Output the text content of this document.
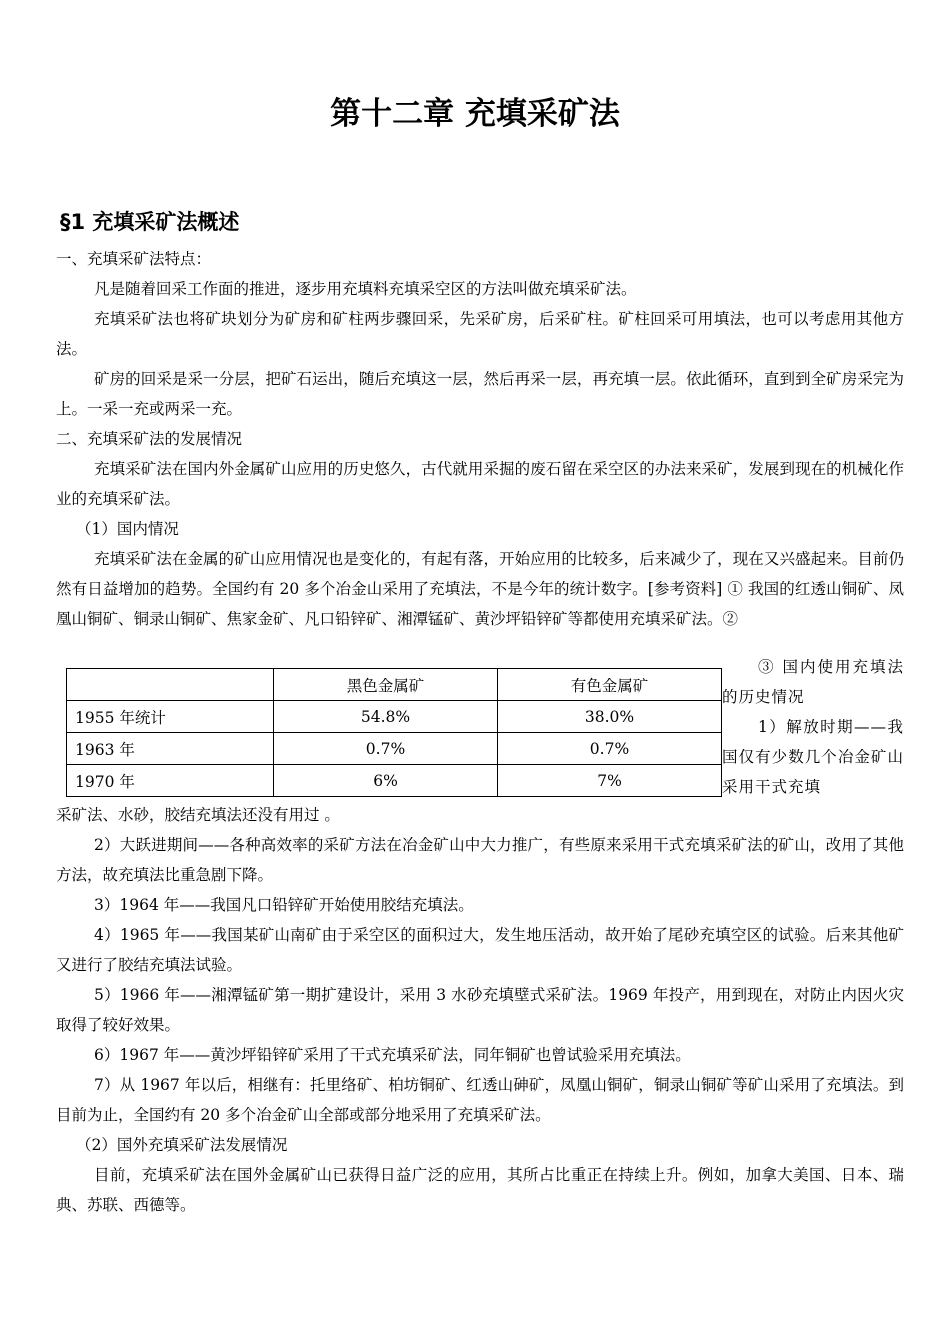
第十二章 充填采矿法
§1 充填采矿法概述

一、充填采矿法特点：

凡是随着回采工作面的推进，逐步用充填料充填采空区的方法叫做充填采矿法。

充填采矿法也将矿块划分为矿房和矿柱两步骤回采，先采矿房，后采矿柱。矿柱回采可用填法，也可以考虑用其他方法。

矿房的回采是采一分层，把矿石运出，随后充填这一层，然后再采一层，再充填一层。依此循环，直到到全矿房采完为上。一采一充或两采一充。

二、充填采矿法的发展情况

充填采矿法在国内外金属矿山应用的历史悠久，古代就用采掘的废石留在采空区的办法来采矿，发展到现在的机械化作业的充填采矿法。

（1）国内情况

充填采矿法在金属的矿山应用情况也是变化的，有起有落，开始应用的比较多，后来减少了，现在又兴盛起来。目前仍然有日益增加的趋势。全国约有 20 多个冶金山采用了充填法，不是今年的统计数字。[参考资料] ① 我国的红透山铜矿、凤凰山铜矿、铜录山铜矿、焦家金矿、凡口铅锌矿、湘潭锰矿、黄沙坪铅锌矿等都使用充填采矿法。②

	黑色金属矿	有色金属矿
1955 年统计	54.8%	38.0%
1963 年	0.7%	0.7%
1970 年	6%	7%

③ 国内使用充填法的历史情况

1）解放时期——我国仅有少数几个冶金矿山采用干式充填

采矿法、水砂，胶结充填法还没有用过 。

2）大跃进期间——各种高效率的采矿方法在冶金矿山中大力推广，有些原来采用干式充填采矿法的矿山，改用了其他方法，故充填法比重急剧下降。

3）1964 年——我国凡口铅锌矿开始使用胶结充填法。

4）1965 年——我国某矿山南矿由于采空区的面积过大，发生地压活动，故开始了尾砂充填空区的试验。后来其他矿又进行了胶结充填法试验。

5）1966 年——湘潭锰矿第一期扩建设计，采用 3 水砂充填壁式采矿法。1969 年投产，用到现在，对防止内因火灾取得了较好效果。

6）1967 年——黄沙坪铅锌矿采用了干式充填采矿法，同年铜矿也曾试验采用充填法。

7）从 1967 年以后，相继有：托里络矿、柏坊铜矿、红透山砷矿，凤凰山铜矿，铜录山铜矿等矿山采用了充填法。到目前为止，全国约有 20 多个冶金矿山全部或部分地采用了充填采矿法。

（2）国外充填采矿法发展情况

目前，充填采矿法在国外金属矿山已获得日益广泛的应用，其所占比重正在持续上升。例如，加拿大美国、日本、瑞典、苏联、西德等。
